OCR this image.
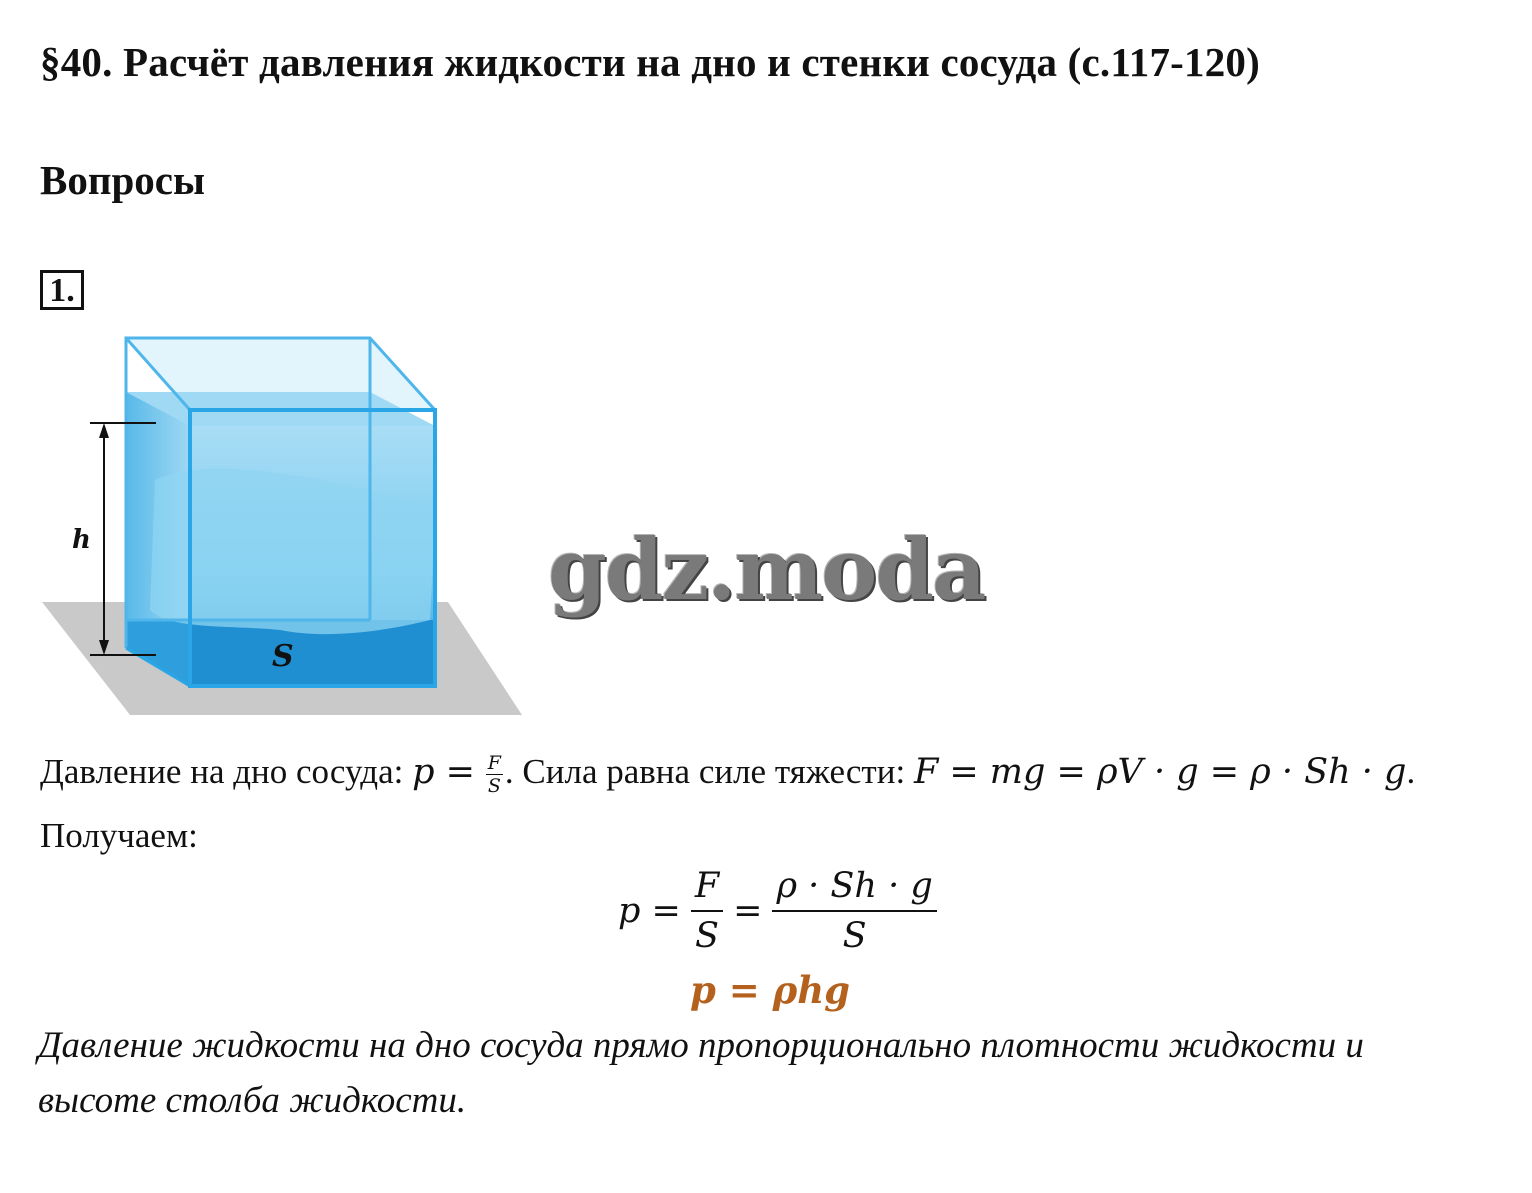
§40. Расчёт давления жидкости на дно и стенки сосуда (с.117-120)
Вопросы
1.
h
S
gdz.moda
Давление на дно сосуда: $p = \frac{F}{S}$ . Сила равна силе тяжести: F = mg = ρV · g = ρ · Sh · g.
Получаем:
$p = \frac{F}{S} = \frac{\rho \cdot Sh \cdot g}{S}$
p = ρhg
Давление жидкости на дно сосуда прямо пропорционально плотности жидкости и высоте столба жидкости.
